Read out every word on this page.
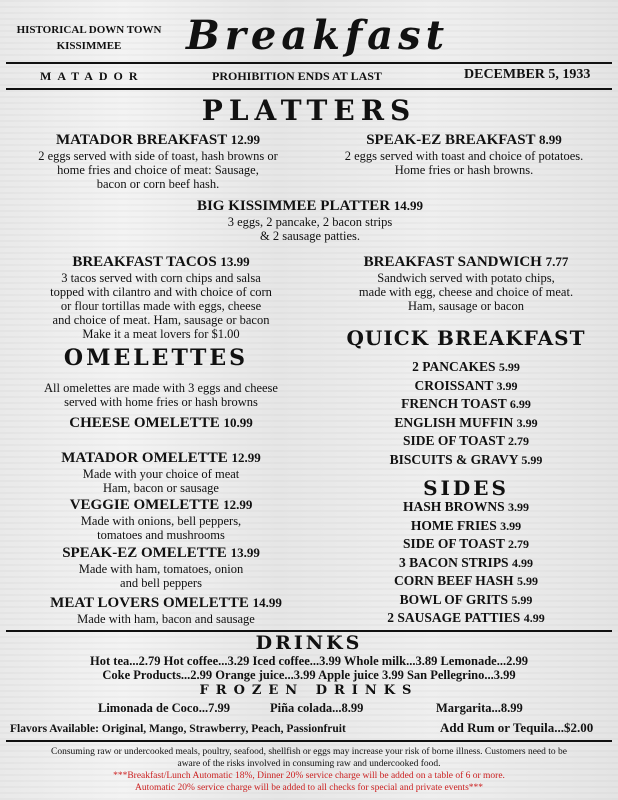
HISTORICAL DOWN TOWN
KISSIMMEE	Breakfast
MATADOR	PROHIBITION ENDS AT LAST	DECEMBER 5, 1933
PLATTERS
MATADOR BREAKFAST 12.99
2 eggs served with side of toast, hash browns or
home fries and choice of meat: Sausage,
bacon or corn beef hash.
SPEAK-EZ BREAKFAST 8.99
2 eggs served with toast and choice of potatoes.
Home fries or hash browns.
BIG KISSIMMEE PLATTER 14.99
3 eggs, 2 pancake, 2 bacon strips
& 2 sausage patties.
BREAKFAST TACOS 13.99
3 tacos served with corn chips and salsa
topped with cilantro and with choice of corn
or flour tortillas made with eggs, cheese
and choice of meat. Ham, sausage or bacon
Make it a meat lovers for $1.00
BREAKFAST SANDWICH 7.77
Sandwich served with potato chips,
made with egg, cheese and choice of meat.
Ham, sausage or bacon
OMELETTES
All omelettes are made with 3 eggs and cheese
served with home fries or hash browns
CHEESE OMELETTE 10.99
MATADOR OMELETTE 12.99
Made with your choice of meat
Ham, bacon or sausage
VEGGIE OMELETTE 12.99
Made with onions, bell peppers,
tomatoes and mushrooms
SPEAK-EZ OMELETTE 13.99
Made with ham, tomatoes, onion
and bell peppers
MEAT LOVERS OMELETTE 14.99
Made with ham, bacon and sausage
QUICK BREAKFAST
2 PANCAKES 5.99
CROISSANT 3.99
FRENCH TOAST 6.99
ENGLISH MUFFIN 3.99
SIDE OF TOAST 2.79
BISCUITS & GRAVY 5.99
SIDES
HASH BROWNS 3.99
HOME FRIES 3.99
SIDE OF TOAST 2.79
3 BACON STRIPS 4.99
CORN BEEF HASH 5.99
BOWL OF GRITS 5.99
2 SAUSAGE PATTIES 4.99
DRINKS
Hot tea...2.79 Hot coffee...3.29 Iced coffee...3.99 Whole milk...3.89 Lemonade...2.99
Coke Products...2.99 Orange juice...3.99 Apple juice 3.99 San Pellegrino...3.99
FROZEN DRINKS
Limonada de Coco...7.99	Piña colada...8.99	Margarita...8.99
Flavors Available: Original, Mango, Strawberry, Peach, Passionfruit	Add Rum or Tequila...$2.00
Consuming raw or undercooked meals, poultry, seafood, shellfish or eggs may increase your risk of borne illness. Customers need to be
aware of the risks involved in consuming raw and undercooked food.
***Breakfast/Lunch Automatic 18%, Dinner 20% service charge will be added on a table of 6 or more.
Automatic 20% service charge will be added to all checks for special and private events***
